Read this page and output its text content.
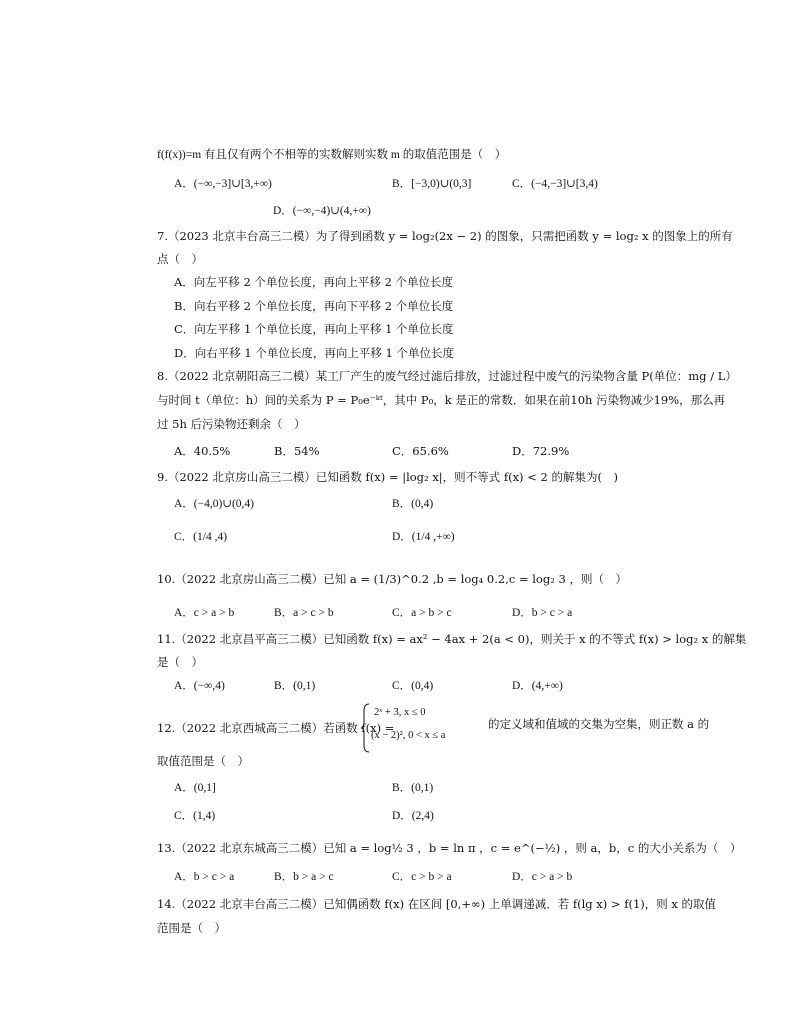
f(f(x))=m 有且仅有两个不相等的实数解则实数 m 的取值范围是（　）
A．(−∞,−3]∪[3,+∞)	B．[−3,0)∪(0,3]	C．(−4,−3]∪[3,4)
D．(−∞,−4)∪(4,+∞)
7.（2023 北京丰台高三二模）为了得到函数 y = log₂(2x − 2) 的图象，只需把函数 y = log₂ x 的图象上的所有
点（　）
A．向左平移 2 个单位长度，再向上平移 2 个单位长度
B．向右平移 2 个单位长度，再向下平移 2 个单位长度
C．向左平移 1 个单位长度，再向上平移 1 个单位长度
D．向右平移 1 个单位长度，再向上平移 1 个单位长度
8.（2022 北京朝阳高三二模）某工厂产生的废气经过滤后排放，过滤过程中废气的污染物含量 P(单位：mg / L）
与时间 t（单位：h）间的关系为 P = P₀e⁻ᵏᵗ，其中 P₀，k 是正的常数．如果在前10h 污染物减少19%，那么再
过 5h 后污染物还剩余（　）
A．40.5%	B．54%	C．65.6%	D．72.9%
9.（2022 北京房山高三二模）已知函数 f(x) = |log₂ x|，则不等式 f(x) < 2 的解集为(　)
A．(−4,0)∪(0,4)	B．(0,4)
C．(1/4 ,4)	D．(1/4 ,+∞)
10.（2022 北京房山高三二模）已知 a = (1/3)^0.2 ,b = log₄ 0.2,c = log₂ 3 ，则（　）
A．c > a > b	B．a > c > b	C．a > b > c	D．b > c > a
11.（2022 北京昌平高三二模）已知函数 f(x) = ax² − 4ax + 2(a < 0)，则关于 x 的不等式 f(x) > log₂ x 的解集
是（　）
A．(−∞,4)	B．(0,1)	C．(0,4)	D．(4,+∞)
12.（2022 北京西城高三二模）若函数 f(x) =
2ˣ + 3, x ≤ 0
(x − 2)², 0 < x ≤ a
的定义域和值域的交集为空集，则正数 a 的
取值范围是（　）
A．(0,1]	B．(0,1)
C．(1,4)	D．(2,4)
13.（2022 北京东城高三二模）已知 a = log½ 3 ，b = ln π ，c = e^(−½) ，则 a，b，c 的大小关系为（　）
A．b > c > a	B．b > a > c	C．c > b > a	D．c > a > b
14.（2022 北京丰台高三二模）已知偶函数 f(x) 在区间 [0,+∞) 上单调递减．若 f(lg x) > f(1)，则 x 的取值
范围是（　）
